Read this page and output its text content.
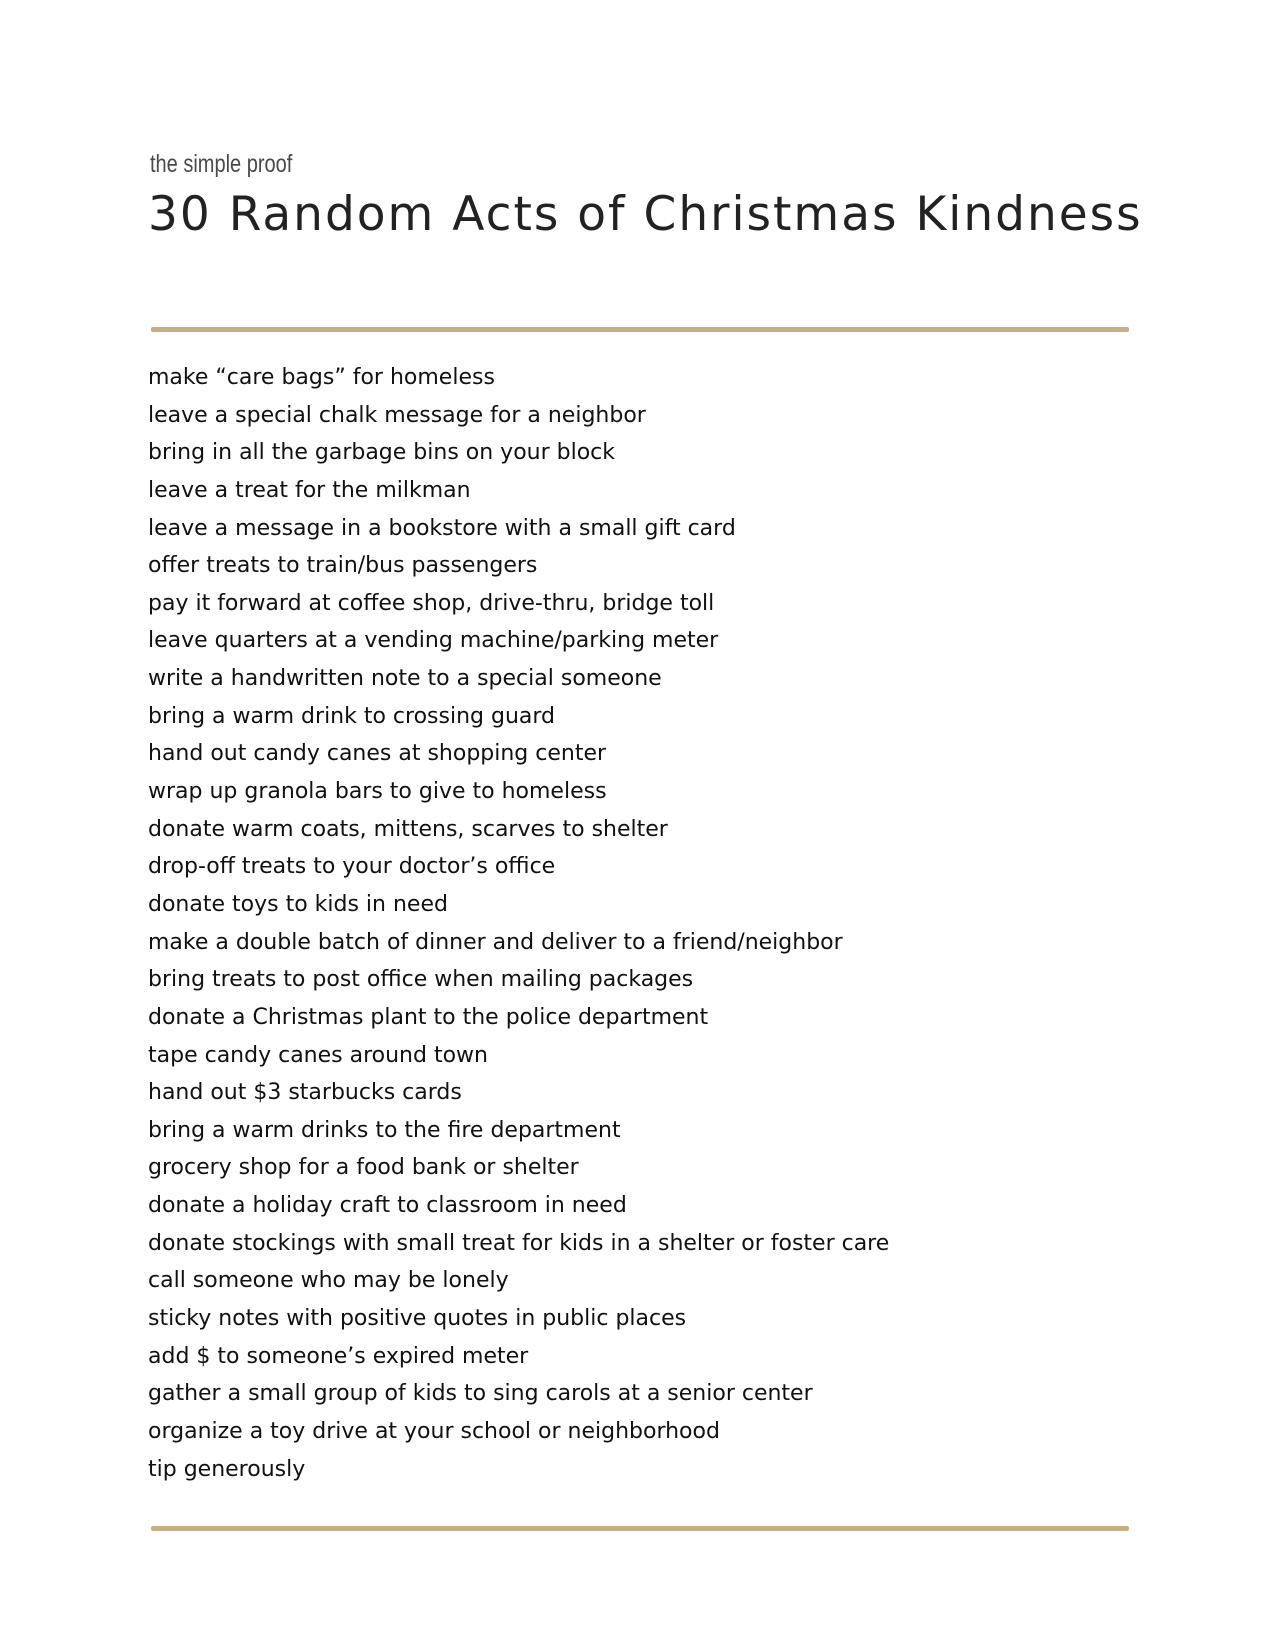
the simple proof
30 Random Acts of Christmas Kindness
make “care bags” for homeless
leave a special chalk message for a neighbor
bring in all the garbage bins on your block
leave a treat for the milkman
leave a message in a bookstore with a small gift card
offer treats to train/bus passengers
pay it forward at coffee shop, drive-thru, bridge toll
leave quarters at a vending machine/parking meter
write a handwritten note to a special someone
bring a warm drink to crossing guard
hand out candy canes at shopping center
wrap up granola bars to give to homeless
donate warm coats, mittens, scarves to shelter
drop-off treats to your doctor’s office
donate toys to kids in need
make a double batch of dinner and deliver to a friend/neighbor
bring treats to post office when mailing packages
donate a Christmas plant to the police department
tape candy canes around town
hand out $3 starbucks cards
bring a warm drinks to the fire department
grocery shop for a food bank or shelter
donate a holiday craft to classroom in need
donate stockings with small treat for kids in a shelter or foster care
call someone who may be lonely
sticky notes with positive quotes in public places
add $ to someone’s expired meter
gather a small group of kids to sing carols at a senior center
organize a toy drive at your school or neighborhood
tip generously
